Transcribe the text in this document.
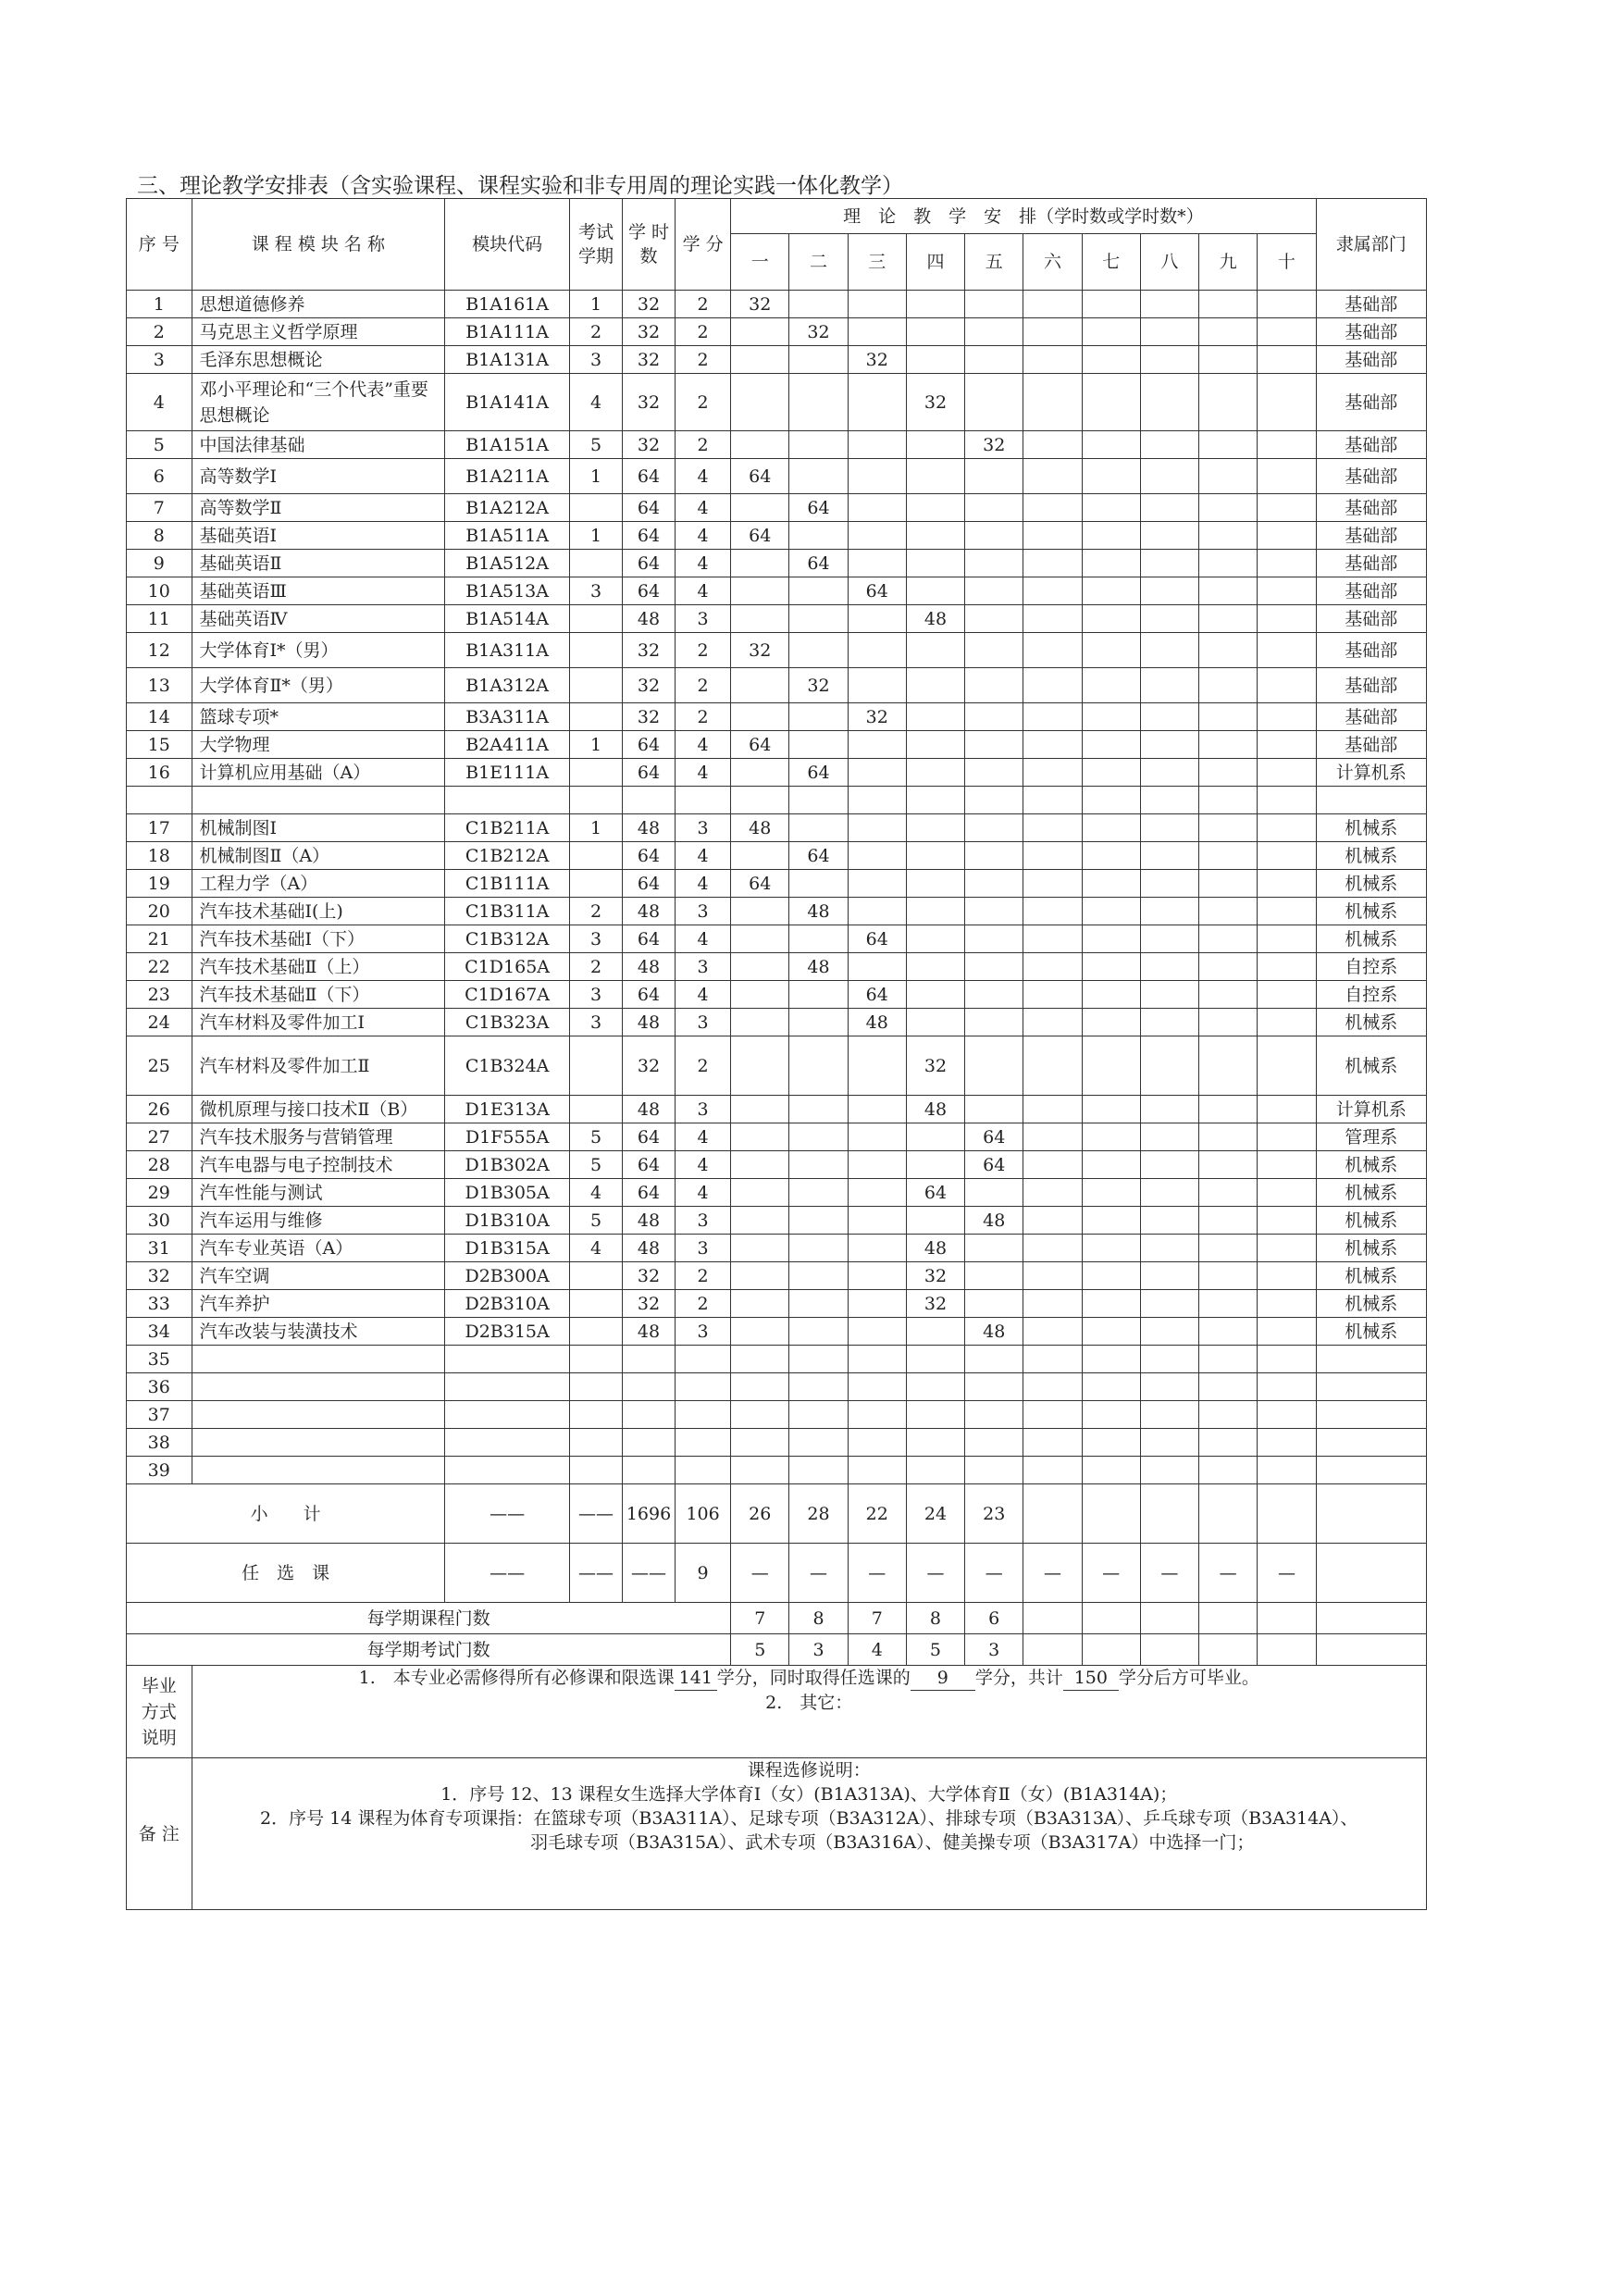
三、理论教学安排表（含实验课程、课程实验和非专用周的理论实践一体化教学）
序 号	课 程 模 块 名 称	模块代码	考试 学期	学 时 数	学 分	理　论　教　学　安　排（学时数或学时数*）										隶属部门
						一	二	三	四	五	六	七	八	九	十	
1	思想道德修养	B1A161A	1	32	2	32										基础部
2	马克思主义哲学原理	B1A111A	2	32	2		32									基础部
3	毛泽东思想概论	B1A131A	3	32	2			32								基础部
4	邓小平理论和“三个代表”重要思想概论	B1A141A	4	32	2				32							基础部
5	中国法律基础	B1A151A	5	32	2					32						基础部
6	高等数学Ⅰ	B1A211A	1	64	4	64										基础部
7	高等数学Ⅱ	B1A212A		64	4		64									基础部
8	基础英语Ⅰ	B1A511A	1	64	4	64										基础部
9	基础英语Ⅱ	B1A512A		64	4		64									基础部
10	基础英语Ⅲ	B1A513A	3	64	4			64								基础部
11	基础英语Ⅳ	B1A514A		48	3				48							基础部
12	大学体育Ⅰ*（男）	B1A311A		32	2	32										基础部
13	大学体育Ⅱ*（男）	B1A312A		32	2		32									基础部
14	篮球专项*	B3A311A		32	2			32								基础部
15	大学物理	B2A411A	1	64	4	64										基础部
16	计算机应用基础（A）	B1E111A		64	4		64									计算机系

17	机械制图Ⅰ	C1B211A	1	48	3	48										机械系
18	机械制图Ⅱ（A）	C1B212A		64	4		64									机械系
19	工程力学（A）	C1B111A		64	4	64										机械系
20	汽车技术基础Ⅰ(上)	C1B311A	2	48	3		48									机械系
21	汽车技术基础Ⅰ（下）	C1B312A	3	64	4			64								机械系
22	汽车技术基础Ⅱ（上）	C1D165A	2	48	3		48									自控系
23	汽车技术基础Ⅱ（下）	C1D167A	3	64	4			64								自控系
24	汽车材料及零件加工Ⅰ	C1B323A	3	48	3			48								机械系
25	汽车材料及零件加工Ⅱ	C1B324A		32	2				32							机械系
26	微机原理与接口技术Ⅱ（B）	D1E313A		48	3				48							计算机系
27	汽车技术服务与营销管理	D1F555A	5	64	4					64						管理系
28	汽车电器与电子控制技术	D1B302A	5	64	4					64						机械系
29	汽车性能与测试	D1B305A	4	64	4				64							机械系
30	汽车运用与维修	D1B310A	5	48	3					48						机械系
31	汽车专业英语（A）	D1B315A	4	48	3				48							机械系
32	汽车空调	D2B300A		32	2				32							机械系
33	汽车养护	D2B310A		32	2				32							机械系
34	汽车改装与装潢技术	D2B315A		48	3					48						机械系
35																
36																
37																
38																
39																
小　　计		——	——	1696	106	26	28	22	24	23						
任　选　课		——	——	——	9	—	—	—	—	—	—	—	—	—	—	
每学期课程门数						7	8	7	8	6						
每学期考试门数						5	3	4	5	3						
毕业 方式 说明	1.　本专业必需修得所有必修课和限选课 141 学分，同时取得任选课的 9 学分，共计 150 学分后方可毕业。
2.　其它：															

备 注	课程选修说明：
1．序号 12、13 课程女生选择大学体育Ⅰ（女）(B1A313A)、大学体育Ⅱ（女）(B1A314A)；
2．序号 14 课程为体育专项课指：在篮球专项（B3A311A）、足球专项（B3A312A）、排球专项（B3A313A）、乒乓球专项（B3A314A）、
羽毛球专项（B3A315A）、武术专项（B3A316A）、健美操专项（B3A317A）中选择一门；															
